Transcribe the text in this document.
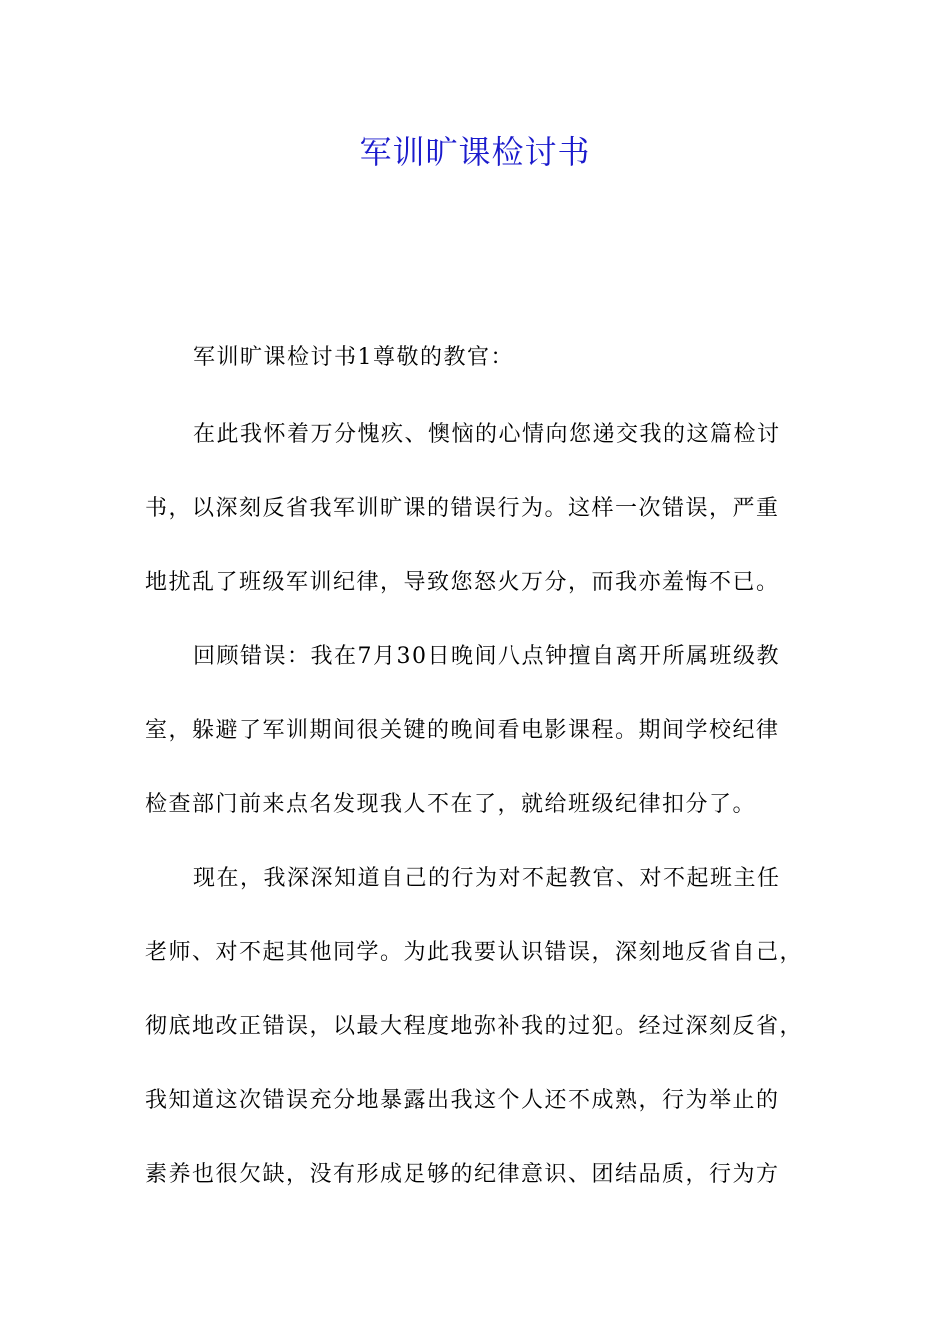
军训旷课检讨书
军训旷课检讨书1尊敬的教官：
在此我怀着万分愧疚、懊恼的心情向您递交我的这篇检讨
书，以深刻反省我军训旷课的错误行为。这样一次错误，严重
地扰乱了班级军训纪律，导致您怒火万分，而我亦羞悔不已。
回顾错误：我在7月30日晚间八点钟擅自离开所属班级教
室，躲避了军训期间很关键的晚间看电影课程。期间学校纪律
检查部门前来点名发现我人不在了，就给班级纪律扣分了。
现在，我深深知道自己的行为对不起教官、对不起班主任
老师、对不起其他同学。为此我要认识错误，深刻地反省自己，
彻底地改正错误，以最大程度地弥补我的过犯。经过深刻反省，
我知道这次错误充分地暴露出我这个人还不成熟，行为举止的
素养也很欠缺，没有形成足够的纪律意识、团结品质，行为方
